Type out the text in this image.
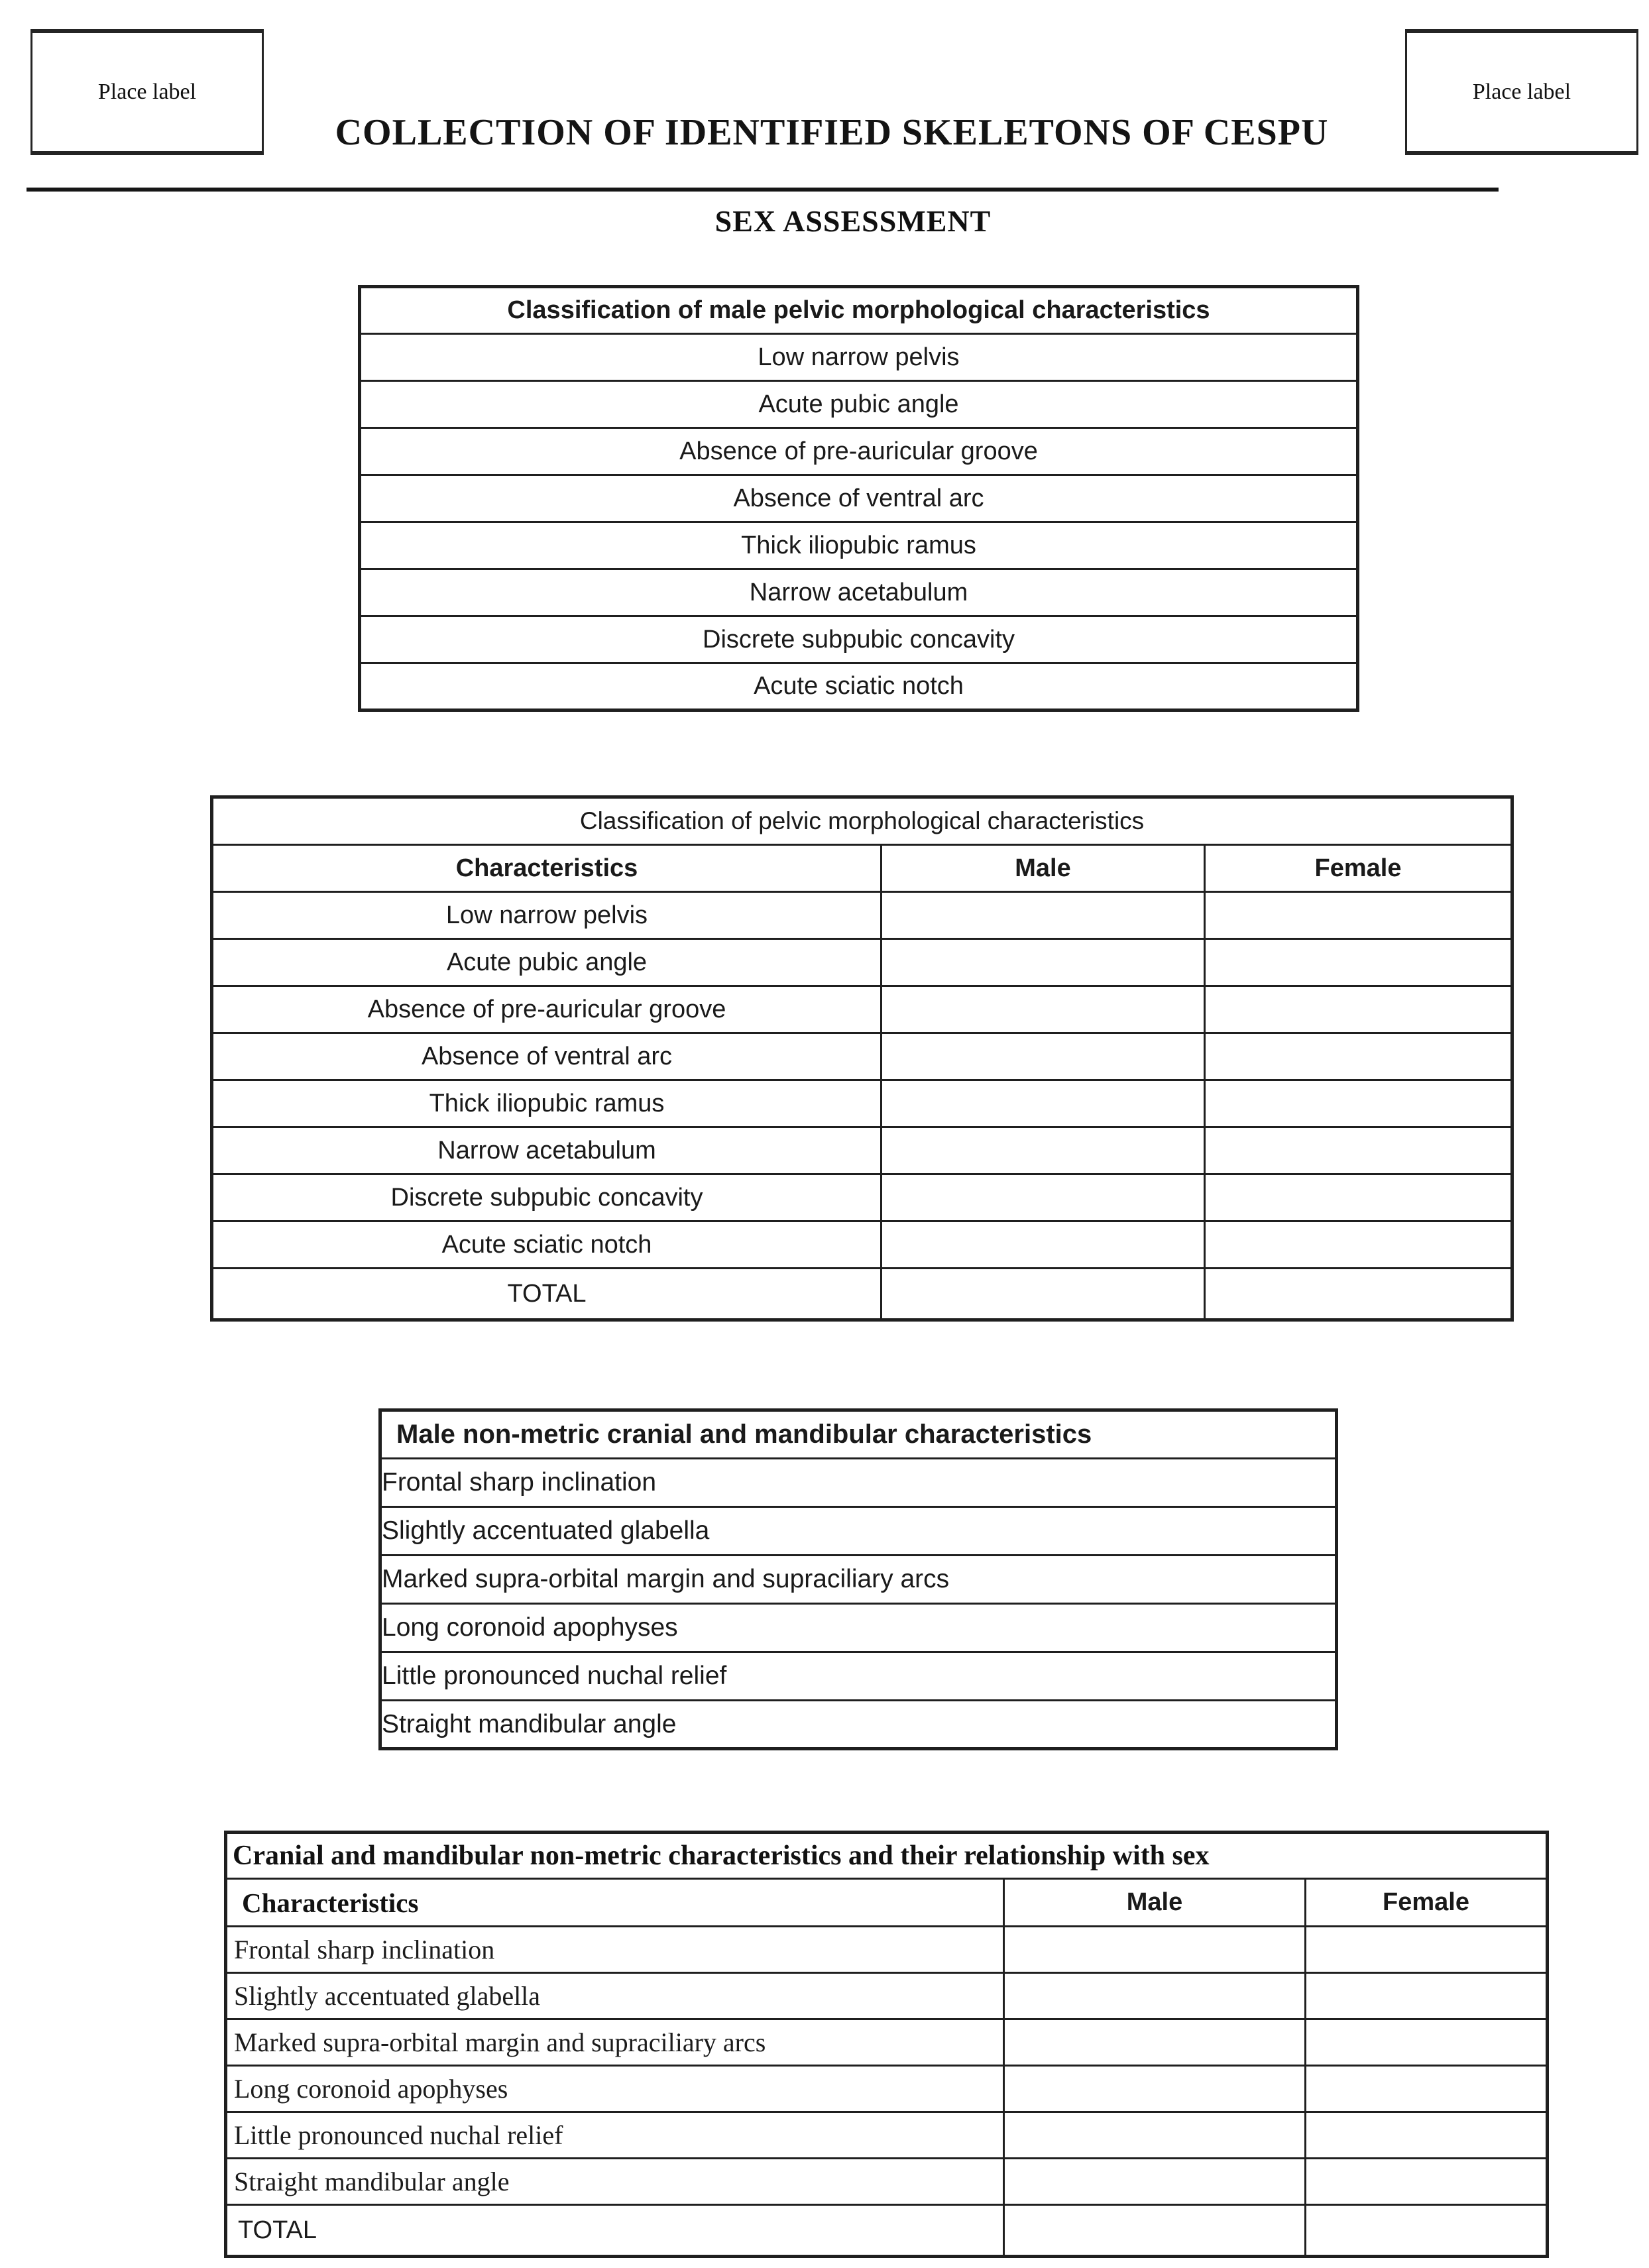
Place label	Place label
COLLECTION OF IDENTIFIED SKELETONS OF CESPU
SEX ASSESSMENT
Classification of male pelvic morphological characteristics
Low narrow pelvis
Acute pubic angle
Absence of pre-auricular groove
Absence of ventral arc
Thick iliopubic ramus
Narrow acetabulum
Discrete subpubic concavity
Acute sciatic notch
Classification of pelvic morphological characteristics		
Characteristics	Male	Female
Low narrow pelvis		
Acute pubic angle		
Absence of pre-auricular groove		
Absence of ventral arc		
Thick iliopubic ramus		
Narrow acetabulum		
Discrete subpubic concavity		
Acute sciatic notch		
TOTAL		
Male non-metric cranial and mandibular characteristics
Frontal sharp inclination
Slightly accentuated glabella
Marked supra-orbital margin and supraciliary arcs
Long coronoid apophyses
Little pronounced nuchal relief
Straight mandibular angle
Cranial and mandibular non-metric characteristics and their relationship with sex		
Characteristics	Male	Female
Frontal sharp inclination		
Slightly accentuated glabella		
Marked supra-orbital margin and supraciliary arcs		
Long coronoid apophyses		
Little pronounced nuchal relief		
Straight mandibular angle		
TOTAL		
